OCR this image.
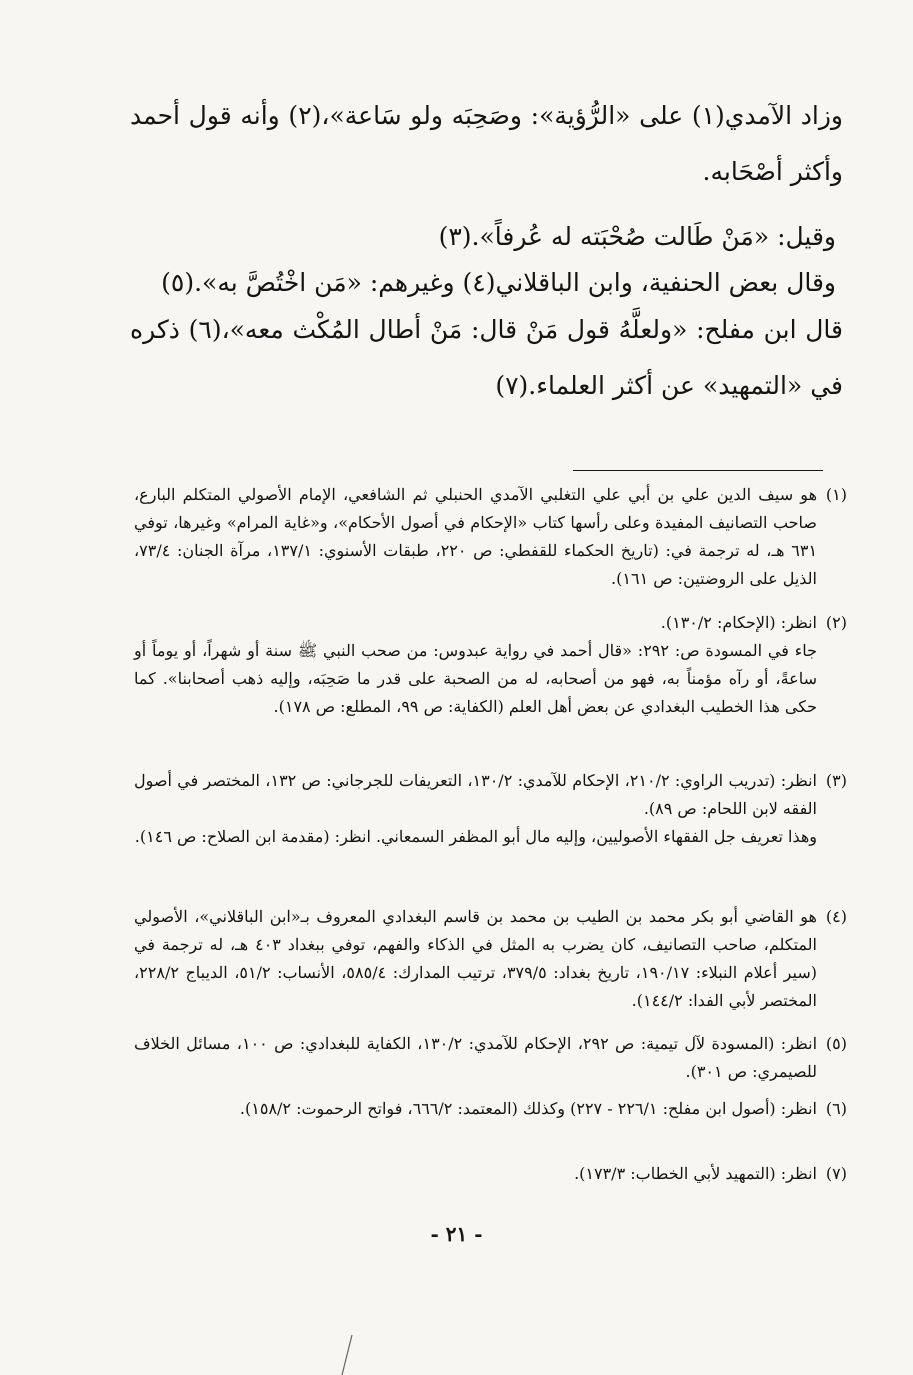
وزاد الآمدي(١) على «الرُّؤية»: وصَحِبَه ولو سَاعة»،(٢) وأنه قول أحمد
وأكثر أصْحَابه.
وقيل: «مَنْ طَالت صُحْبَته له عُرفاً».(٣)
وقال بعض الحنفية، وابن الباقلاني(٤) وغيرهم: «مَن اخْتُصَّ به».(٥)
قال ابن مفلح: «ولعلَّهُ قول مَنْ قال: مَنْ أطال المُكْث معه»،(٦) ذكره
في «التمهيد» عن أكثر العلماء.(٧)
(١)

هو سيف الدين علي بن أبي علي التغلبي الآمدي الحنبلي ثم الشافعي، الإمام الأصولي المتكلم البارع، صاحب التصانيف المفيدة وعلى رأسها كتاب «الإحكام في أصول الأحكام»، و«غاية المرام» وغيرها، توفي ٦٣١ هـ، له ترجمة في: (تاريخ الحكماء للقفطي: ص ٢٢٠، طبقات الأسنوي: ١٣٧/١، مرآة الجنان: ٧٣/٤، الذيل على الروضتين: ص ١٦١).

(٢)

انظر: (الإحكام: ١٣٠/٢).

جاء في المسودة ص: ٢٩٢: «قال أحمد في رواية عبدوس: من صحب النبي ﷺ سنة أو شهراً، أو يوماً أو ساعةً، أو رآه مؤمناً به، فهو من أصحابه، له من الصحبة على قدر ما صَحِبَه، وإليه ذهب أصحابنا». كما حكى هذا الخطيب البغدادي عن بعض أهل العلم (الكفاية: ص ٩٩، المطلع: ص ١٧٨).

(٣)

انظر: (تدريب الراوي: ٢١٠/٢، الإحكام للآمدي: ١٣٠/٢، التعريفات للجرجاني: ص ١٣٢، المختصر في أصول الفقه لابن اللحام: ص ٨٩).

وهذا تعريف جل الفقهاء الأصوليين، وإليه مال أبو المظفر السمعاني. انظر: (مقدمة ابن الصلاح: ص ١٤٦).

(٤)

هو القاضي أبو بكر محمد بن الطيب بن محمد بن قاسم البغدادي المعروف بـ«ابن الباقلاني»، الأصولي المتكلم، صاحب التصانيف، كان يضرب به المثل في الذكاء والفهم، توفي ببغداد ٤٠٣ هـ، له ترجمة في (سير أعلام النبلاء: ١٩٠/١٧، تاريخ بغداد: ٣٧٩/٥، ترتيب المدارك: ٥٨٥/٤، الأنساب: ٥١/٢، الديباج ٢٢٨/٢، المختصر لأبي الفدا: ١٤٤/٢).

(٥)

انظر: (المسودة لآل تيمية: ص ٢٩٢، الإحكام للآمدي: ١٣٠/٢، الكفاية للبغدادي: ص ١٠٠، مسائل الخلاف للصيمري: ص ٣٠١).

(٦)

انظر: (أصول ابن مفلح: ٢٢٦/١ - ٢٢٧) وكذلك (المعتمد: ٦٦٦/٢، فواتح الرحموت: ١٥٨/٢).

(٧)

انظر: (التمهيد لأبي الخطاب: ١٧٣/٣).

- ٢١ -
